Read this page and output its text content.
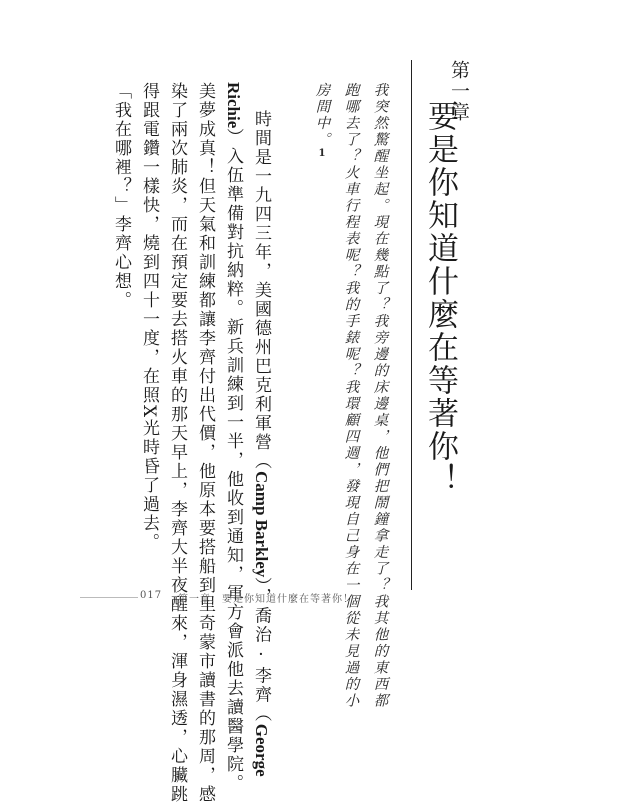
第一章
要是你知道什麼在等著你！
我突然驚醒坐起。現在幾點了？我旁邊的床邊桌，他們把鬧鐘拿走了？我其他的東西都
跑哪去了？火車行程表呢？我的手錶呢？我環顧四週，發現自己身在一個從未見過的小
房間中。1
時間是一九四三年，美國德州巴克利軍營（Camp Barkley），喬治·李齊（George
Richie）入伍準備對抗納粹。新兵訓練到一半，他收到通知，軍方會派他去讀醫學院。
美夢成真！但天氣和訓練都讓李齊付出代價，他原本要搭船到里奇蒙市讀書的那周，感
染了兩次肺炎，而在預定要去搭火車的那天早上，李齊大半夜醒來，渾身濕透，心臟跳
得跟電鑽一樣快，燒到四十一度，在照X光時昏了過去。
「我在哪裡？」李齊心想。
017 第一章．要是你知道什麼在等著你！
